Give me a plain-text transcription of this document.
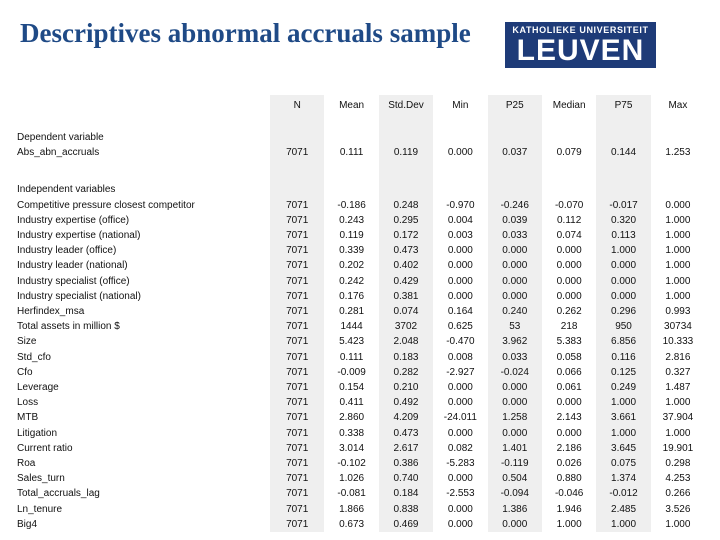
Descriptives abnormal accruals sample	KATHOLIEKE UNIVERSITEIT
LEUVEN
	N	Mean	Std.Dev	Min	P25	Median	P75	Max

Dependent variable								
Abs_abn_accruals	7071	0.111	0.119	0.000	0.037	0.079	0.144	1.253

Independent variables								
Competitive pressure closest competitor	7071	-0.186	0.248	-0.970	-0.246	-0.070	-0.017	0.000
Industry expertise (office)	7071	0.243	0.295	0.004	0.039	0.112	0.320	1.000
Industry expertise (national)	7071	0.119	0.172	0.003	0.033	0.074	0.113	1.000
Industry leader (office)	7071	0.339	0.473	0.000	0.000	0.000	1.000	1.000
Industry leader (national)	7071	0.202	0.402	0.000	0.000	0.000	0.000	1.000
Industry specialist (office)	7071	0.242	0.429	0.000	0.000	0.000	0.000	1.000
Industry specialist (national)	7071	0.176	0.381	0.000	0.000	0.000	0.000	1.000
Herfindex_msa	7071	0.281	0.074	0.164	0.240	0.262	0.296	0.993
Total assets in million $	7071	1444	3702	0.625	53	218	950	30734
Size	7071	5.423	2.048	-0.470	3.962	5.383	6.856	10.333
Std_cfo	7071	0.111	0.183	0.008	0.033	0.058	0.116	2.816
Cfo	7071	-0.009	0.282	-2.927	-0.024	0.066	0.125	0.327
Leverage	7071	0.154	0.210	0.000	0.000	0.061	0.249	1.487
Loss	7071	0.411	0.492	0.000	0.000	0.000	1.000	1.000
MTB	7071	2.860	4.209	-24.011	1.258	2.143	3.661	37.904
Litigation	7071	0.338	0.473	0.000	0.000	0.000	1.000	1.000
Current ratio	7071	3.014	2.617	0.082	1.401	2.186	3.645	19.901
Roa	7071	-0.102	0.386	-5.283	-0.119	0.026	0.075	0.298
Sales_turn	7071	1.026	0.740	0.000	0.504	0.880	1.374	4.253
Total_accruals_lag	7071	-0.081	0.184	-2.553	-0.094	-0.046	-0.012	0.266
Ln_tenure	7071	1.866	0.838	0.000	1.386	1.946	2.485	3.526
Big4	7071	0.673	0.469	0.000	0.000	1.000	1.000	1.000
